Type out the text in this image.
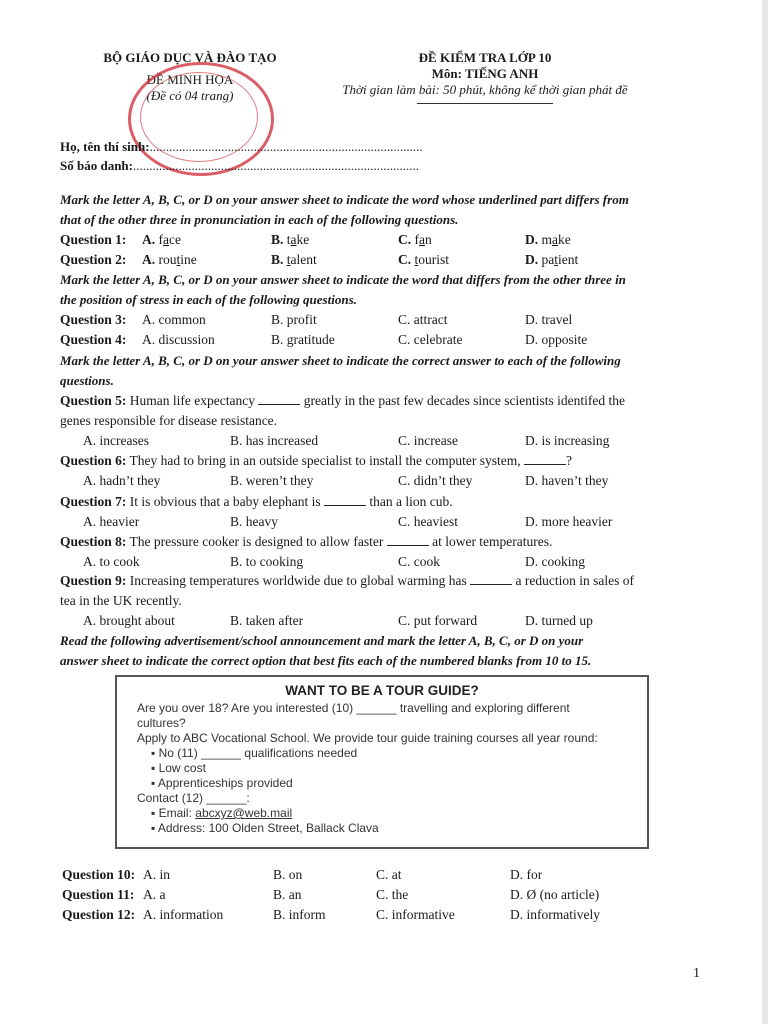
BỘ GIÁO DỤC VÀ ĐÀO TẠO
ĐỀ MINH HỌA
(Đề có 04 trang)
ĐỀ KIỂM TRA LỚP 10
Môn: TIẾNG ANH
Thời gian làm bài: 50 phút, không kể thời gian phát đề
Họ, tên thí sinh:....................................................................................
Số báo danh:........................................................................................
Mark the letter A, B, C, or D on your answer sheet to indicate the word whose underlined part differs from
that of the other three in pronunciation in each of the following questions.
Question 1: A. face	B. take	C. fan	D. make
Question 2: A. routine	B. talent	C. tourist	D. patient
Mark the letter A, B, C, or D on your answer sheet to indicate the word that differs from the other three in
the position of stress in each of the following questions.
Question 3: A. common	B. profit	C. attract	D. travel
Question 4: A. discussion	B. gratitude	C. celebrate	D. opposite
Mark the letter A, B, C, or D on your answer sheet to indicate the correct answer to each of the following
questions.
Question 5: Human life expectancy	greatly in the past few decades since scientists identifed the
genes responsible for disease resistance.
A. increases	B. has increased	C. increase	D. is increasing
Question 6: They had to bring in an outside specialist to install the computer system,	?
A. hadn’t they	B. weren’t they	C. didn’t they	D. haven’t they
Question 7: It is obvious that a baby elephant is	than a lion cub.
A. heavier	B. heavy	C. heaviest	D. more heavier
Question 8: The pressure cooker is designed to allow faster	at lower temperatures.
A. to cook	B. to cooking	C. cook	D. cooking
Question 9: Increasing temperatures worldwide due to global warming has	a reduction in sales of
tea in the UK recently.
A. brought about	B. taken after	C. put forward	D. turned up
Read the following advertisement/school announcement and mark the letter A, B, C, or D on your
answer sheet to indicate the correct option that best fits each of the numbered blanks from 10 to 15.
WANT TO BE A TOUR GUIDE?
Are you over 18? Are you interested (10) ______ travelling and exploring different
cultures?
Apply to ABC Vocational School. We provide tour guide training courses all year round:
▪ No (11) ______ qualifications needed
▪ Low cost
▪ Apprenticeships provided
Contact (12) ______:
▪ Email: abcxyz@web.mail
▪ Address: 100 Olden Street, Ballack Clava
Question 10: A. in	B. on	C. at	D. for
Question 11: A. a	B. an	C. the	D. Ø (no article)
Question 12: A. information	B. inform	C. informative	D. informatively
1
